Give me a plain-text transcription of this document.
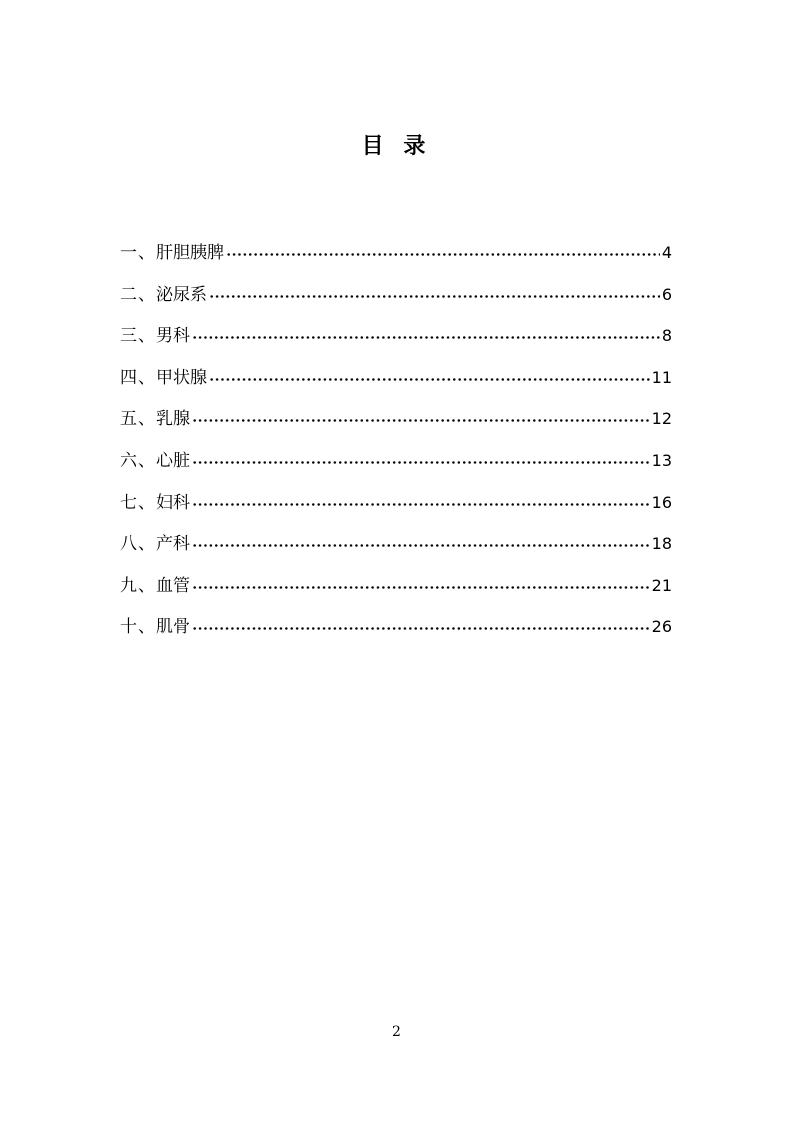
目 录
一 、 肝胆胰脾	4
二 、 泌尿系	6
三 、 男科	8
四 、 甲状腺	11
五 、 乳腺	12
六 、 心脏	13
七 、 妇科	16
八 、 产科	18
九 、 血管	21
十 、 肌骨	26
2
